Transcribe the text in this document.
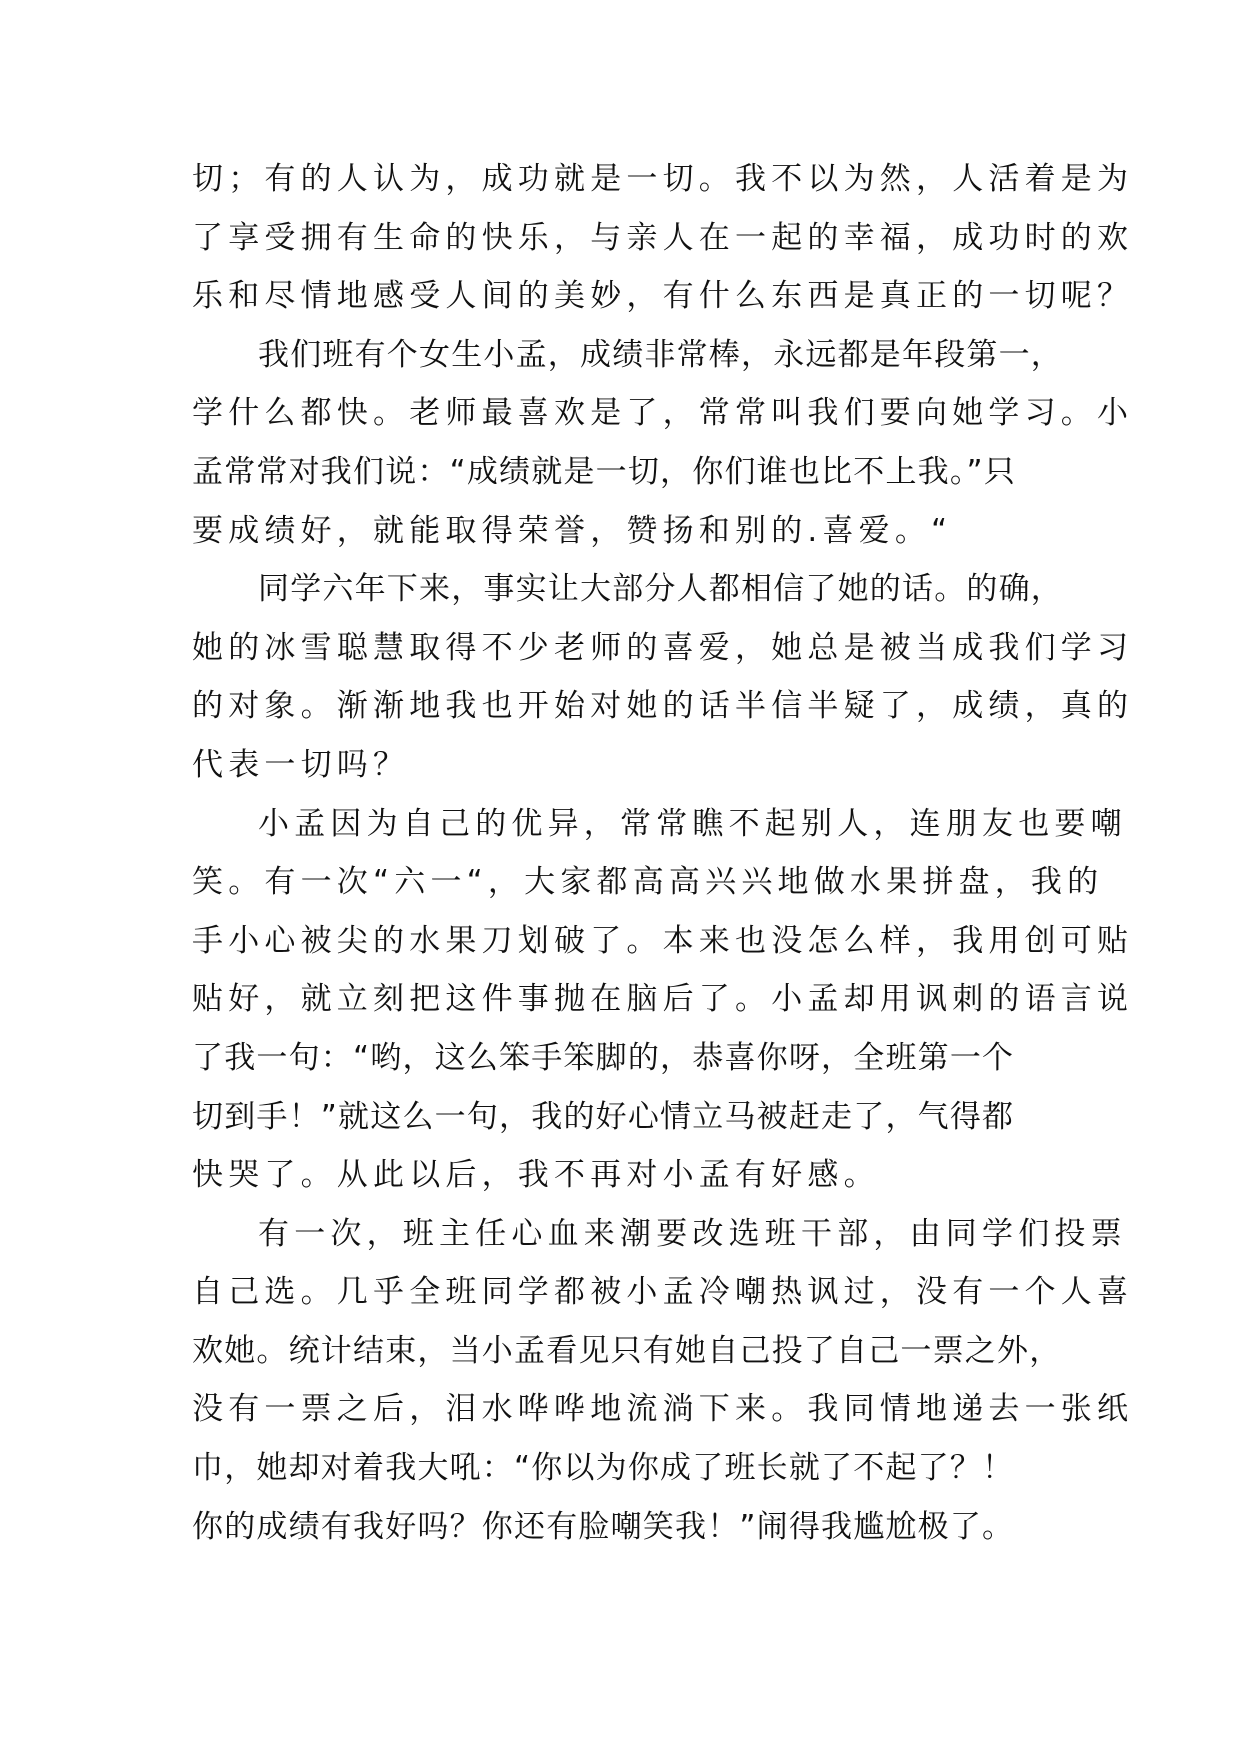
切；有的人认为，成功就是一切。我不以为然，人活着是为
了享受拥有生命的快乐，与亲人在一起的幸福，成功时的欢
乐和尽情地感受人间的美妙，有什么东西是真正的一切呢？
我们班有个女生小孟，成绩非常棒，永远都是年段第一，
学什么都快。老师最喜欢是了，常常叫我们要向她学习。小
孟常常对我们说：“成绩就是一切，你们谁也比不上我。”只
要成绩好，就能取得荣誉，赞扬和别的.喜爱。“
同学六年下来，事实让大部分人都相信了她的话。的确，
她的冰雪聪慧取得不少老师的喜爱，她总是被当成我们学习
的对象。渐渐地我也开始对她的话半信半疑了，成绩，真的
代表一切吗？
小孟因为自己的优异，常常瞧不起别人，连朋友也要嘲
笑。有一次“六一“，大家都高高兴兴地做水果拼盘，我的
手小心被尖的水果刀划破了。本来也没怎么样，我用创可贴
贴好，就立刻把这件事抛在脑后了。小孟却用讽刺的语言说
了我一句：“哟，这么笨手笨脚的，恭喜你呀，全班第一个
切到手！”就这么一句，我的好心情立马被赶走了，气得都
快哭了。从此以后，我不再对小孟有好感。
有一次，班主任心血来潮要改选班干部，由同学们投票
自己选。几乎全班同学都被小孟冷嘲热讽过，没有一个人喜
欢她。统计结束，当小孟看见只有她自己投了自己一票之外，
没有一票之后，泪水哗哗地流淌下来。我同情地递去一张纸
巾，她却对着我大吼：“你以为你成了班长就了不起了？！
你的成绩有我好吗？你还有脸嘲笑我！”闹得我尴尬极了。
